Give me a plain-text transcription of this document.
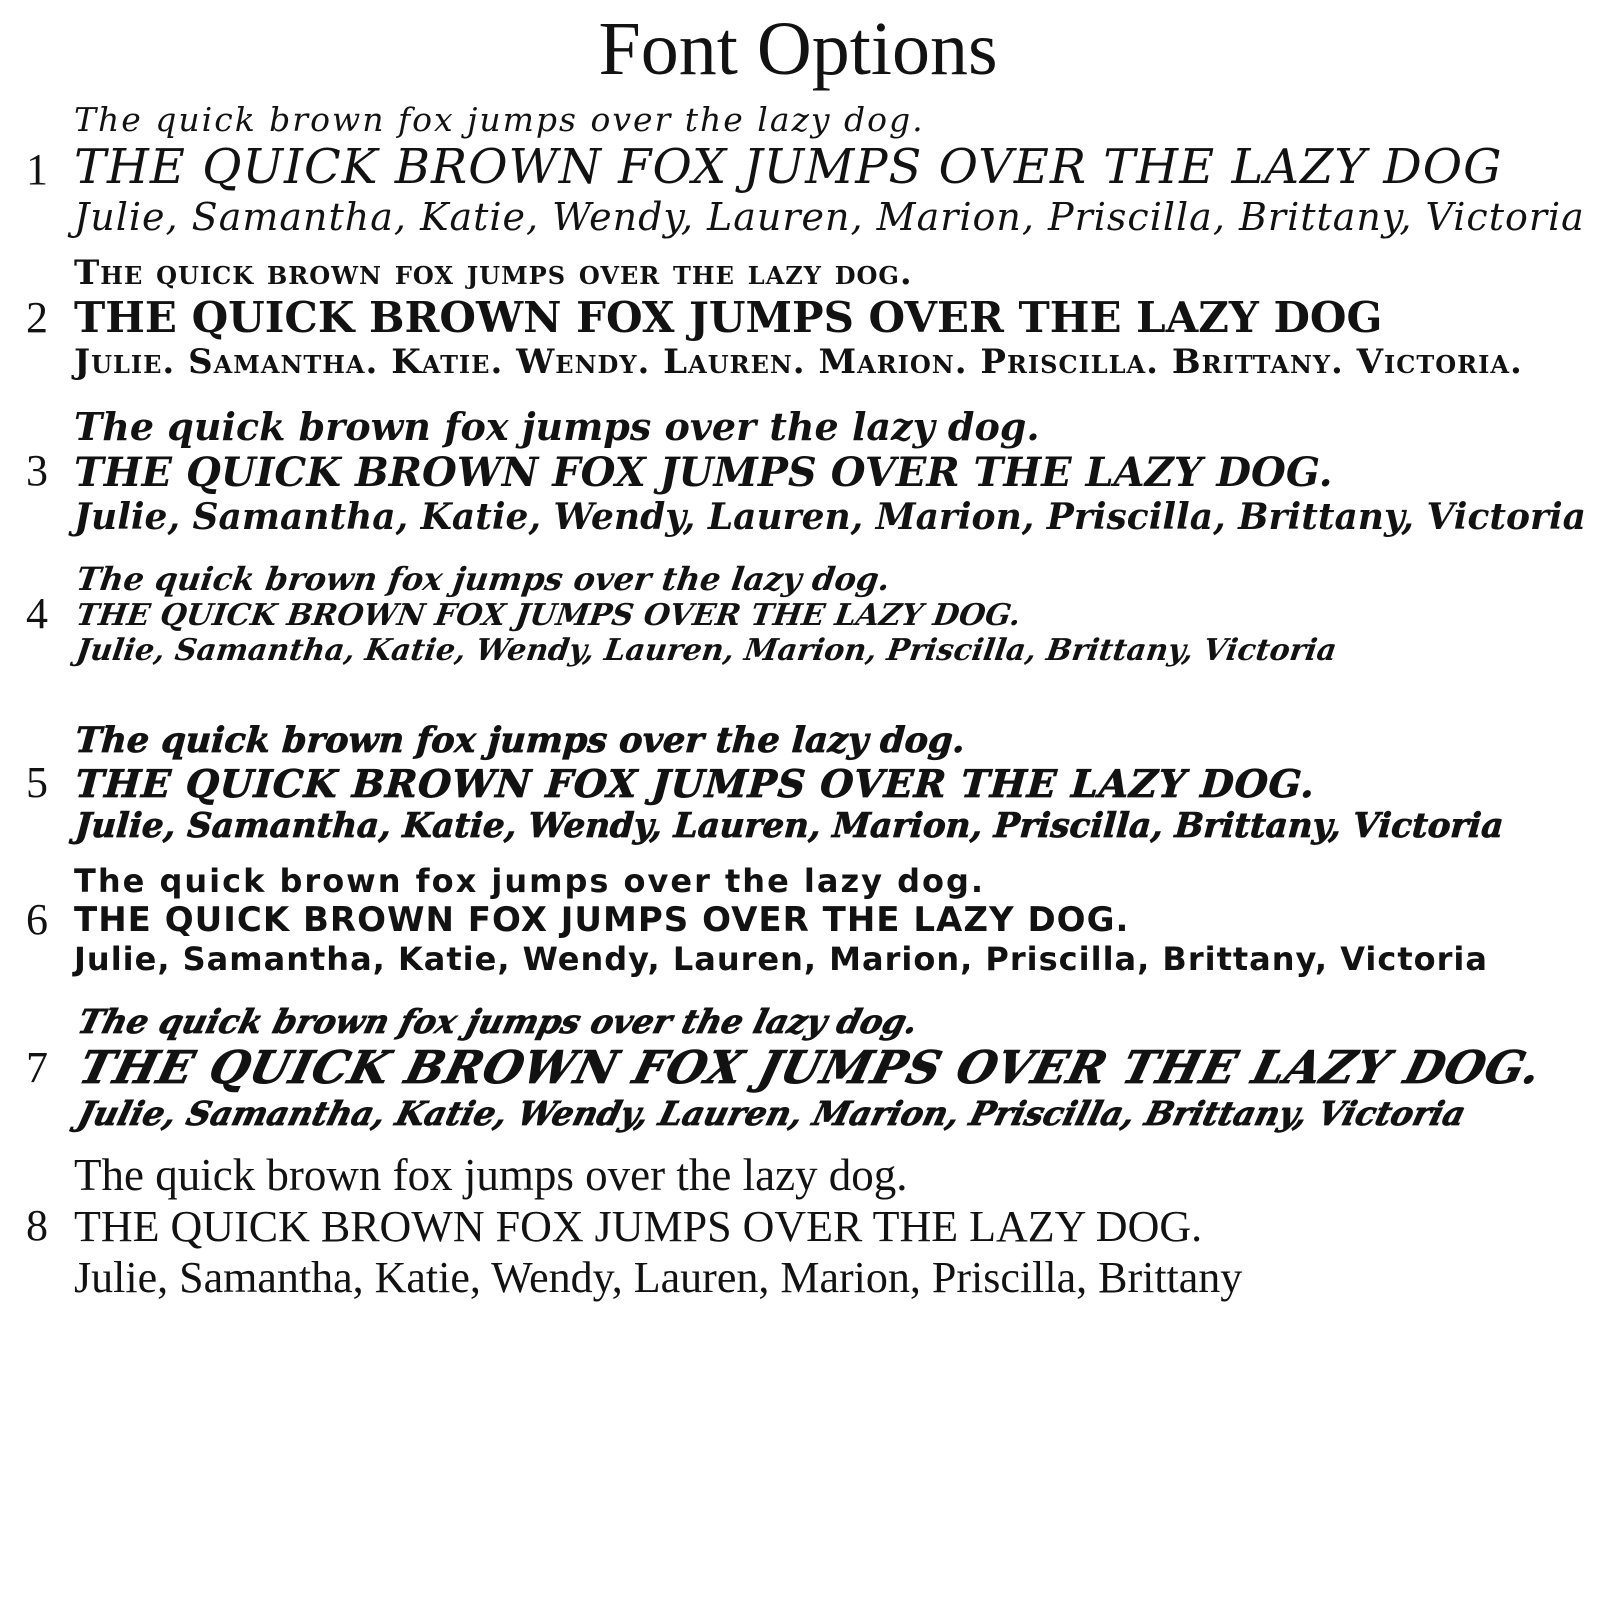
Font Options
1
The quick brown fox jumps over the lazy dog.
THE QUICK BROWN FOX JUMPS OVER THE LAZY DOG
Julie, Samantha, Katie, Wendy, Lauren, Marion, Priscilla, Brittany, Victoria
2
The quick brown fox jumps over the lazy dog.
THE QUICK BROWN FOX JUMPS OVER THE LAZY DOG
Julie. Samantha. Katie. Wendy. Lauren. Marion. Priscilla. Brittany. Victoria.
3
The quick brown fox jumps over the lazy dog.
THE QUICK BROWN FOX JUMPS OVER THE LAZY DOG.
Julie, Samantha, Katie, Wendy, Lauren, Marion, Priscilla, Brittany, Victoria
4
The quick brown fox jumps over the lazy dog.
THE QUICK BROWN FOX JUMPS OVER THE LAZY DOG.
Julie, Samantha, Katie, Wendy, Lauren, Marion, Priscilla, Brittany, Victoria
5
The quick brown fox jumps over the lazy dog.
THE QUICK BROWN FOX JUMPS OVER THE LAZY DOG.
Julie, Samantha, Katie, Wendy, Lauren, Marion, Priscilla, Brittany, Victoria
6
The quick brown fox jumps over the lazy dog.
THE QUICK BROWN FOX JUMPS OVER THE LAZY DOG.
Julie, Samantha, Katie, Wendy, Lauren, Marion, Priscilla, Brittany, Victoria
7
The quick brown fox jumps over the lazy dog.
THE QUICK BROWN FOX JUMPS OVER THE LAZY DOG.
Julie, Samantha, Katie, Wendy, Lauren, Marion, Priscilla, Brittany, Victoria
8
The quick brown fox jumps over the lazy dog.
THE QUICK BROWN FOX JUMPS OVER THE LAZY DOG.
Julie, Samantha, Katie, Wendy, Lauren, Marion, Priscilla, Brittany
